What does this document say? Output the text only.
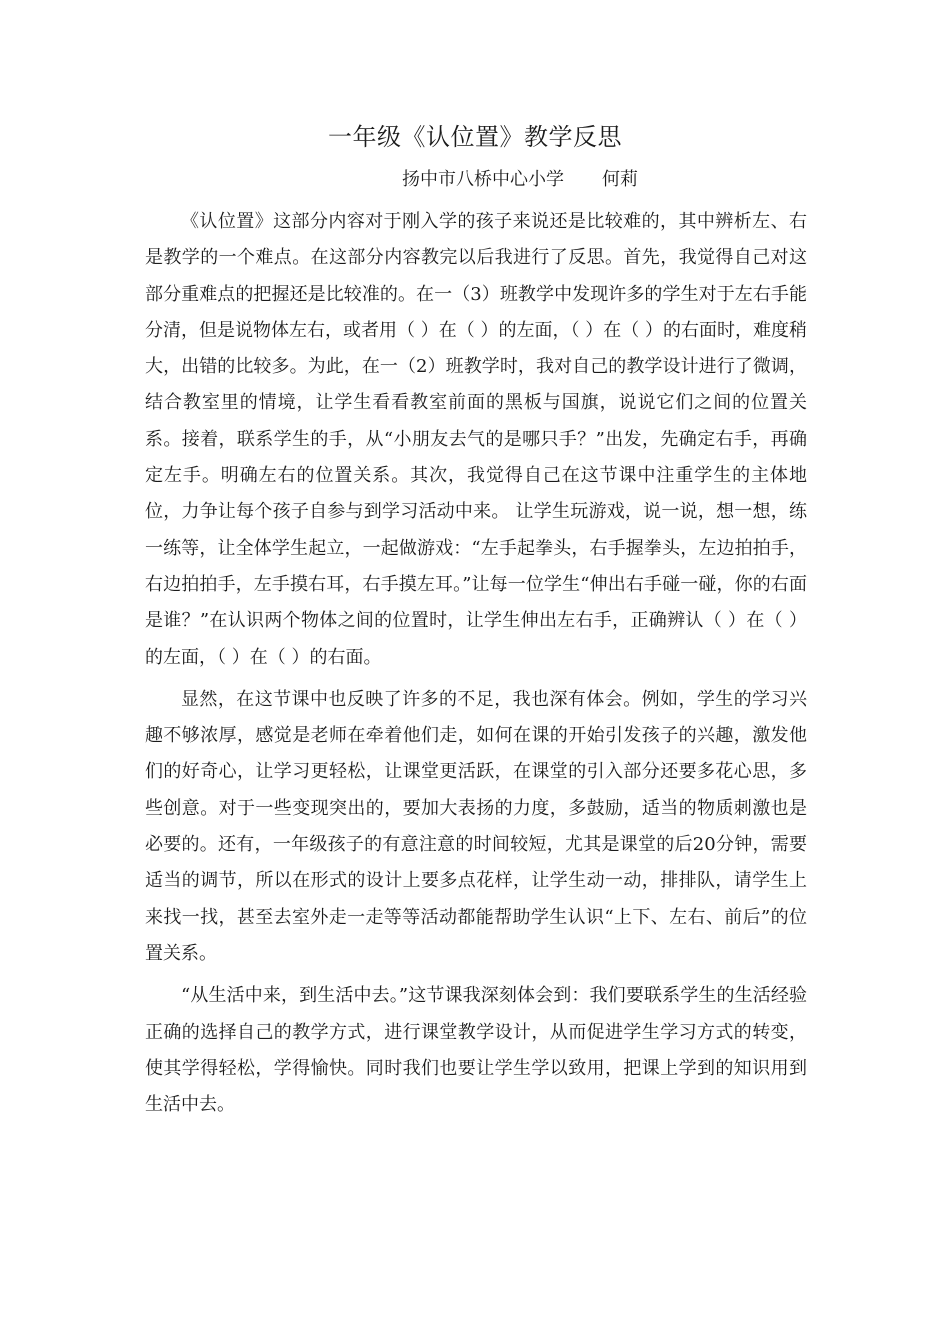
一年级《认位置》教学反思
扬中市八桥中心小学 何莉

《认位置》这部分内容对于刚入学的孩子来说还是比较难的，其中辨析左、右是教学的一个难点。在这部分内容教完以后我进行了反思。首先，我觉得自己对这部分重难点的把握还是比较准的。在一（3）班教学中发现许多的学生对于左右手能分清，但是说物体左右，或者用（ ）在（ ）的左面，（ ）在（ ）的右面时，难度稍大，出错的比较多。为此，在一（2）班教学时，我对自己的教学设计进行了微调，结合教室里的情境，让学生看看教室前面的黑板与国旗，说说它们之间的位置关系。接着，联系学生的手，从“小朋友去气的是哪只手？”出发，先确定右手，再确定左手。明确左右的位置关系。其次，我觉得自己在这节课中注重学生的主体地位，力争让每个孩子自参与到学习活动中来。 让学生玩游戏，说一说，想一想，练一练等，让全体学生起立，一起做游戏：“左手起拳头，右手握拳头，左边拍拍手，右边拍拍手，左手摸右耳，右手摸左耳。”让每一位学生“伸出右手碰一碰，你的右面是谁？”在认识两个物体之间的位置时，让学生伸出左右手，正确辨认（ ）在（ ）的左面，（ ）在（ ）的右面。

显然，在这节课中也反映了许多的不足，我也深有体会。例如，学生的学习兴趣不够浓厚，感觉是老师在牵着他们走，如何在课的开始引发孩子的兴趣，激发他们的好奇心，让学习更轻松，让课堂更活跃，在课堂的引入部分还要多花心思，多些创意。对于一些变现突出的，要加大表扬的力度，多鼓励，适当的物质刺激也是必要的。还有，一年级孩子的有意注意的时间较短，尤其是课堂的后20分钟，需要适当的调节，所以在形式的设计上要多点花样，让学生动一动，排排队，请学生上来找一找，甚至去室外走一走等等活动都能帮助学生认识“上下、左右、前后”的位置关系。

“从生活中来，到生活中去。”这节课我深刻体会到：我们要联系学生的生活经验正确的选择自己的教学方式，进行课堂教学设计，从而促进学生学习方式的转变，使其学得轻松，学得愉快。同时我们也要让学生学以致用，把课上学到的知识用到生活中去。
